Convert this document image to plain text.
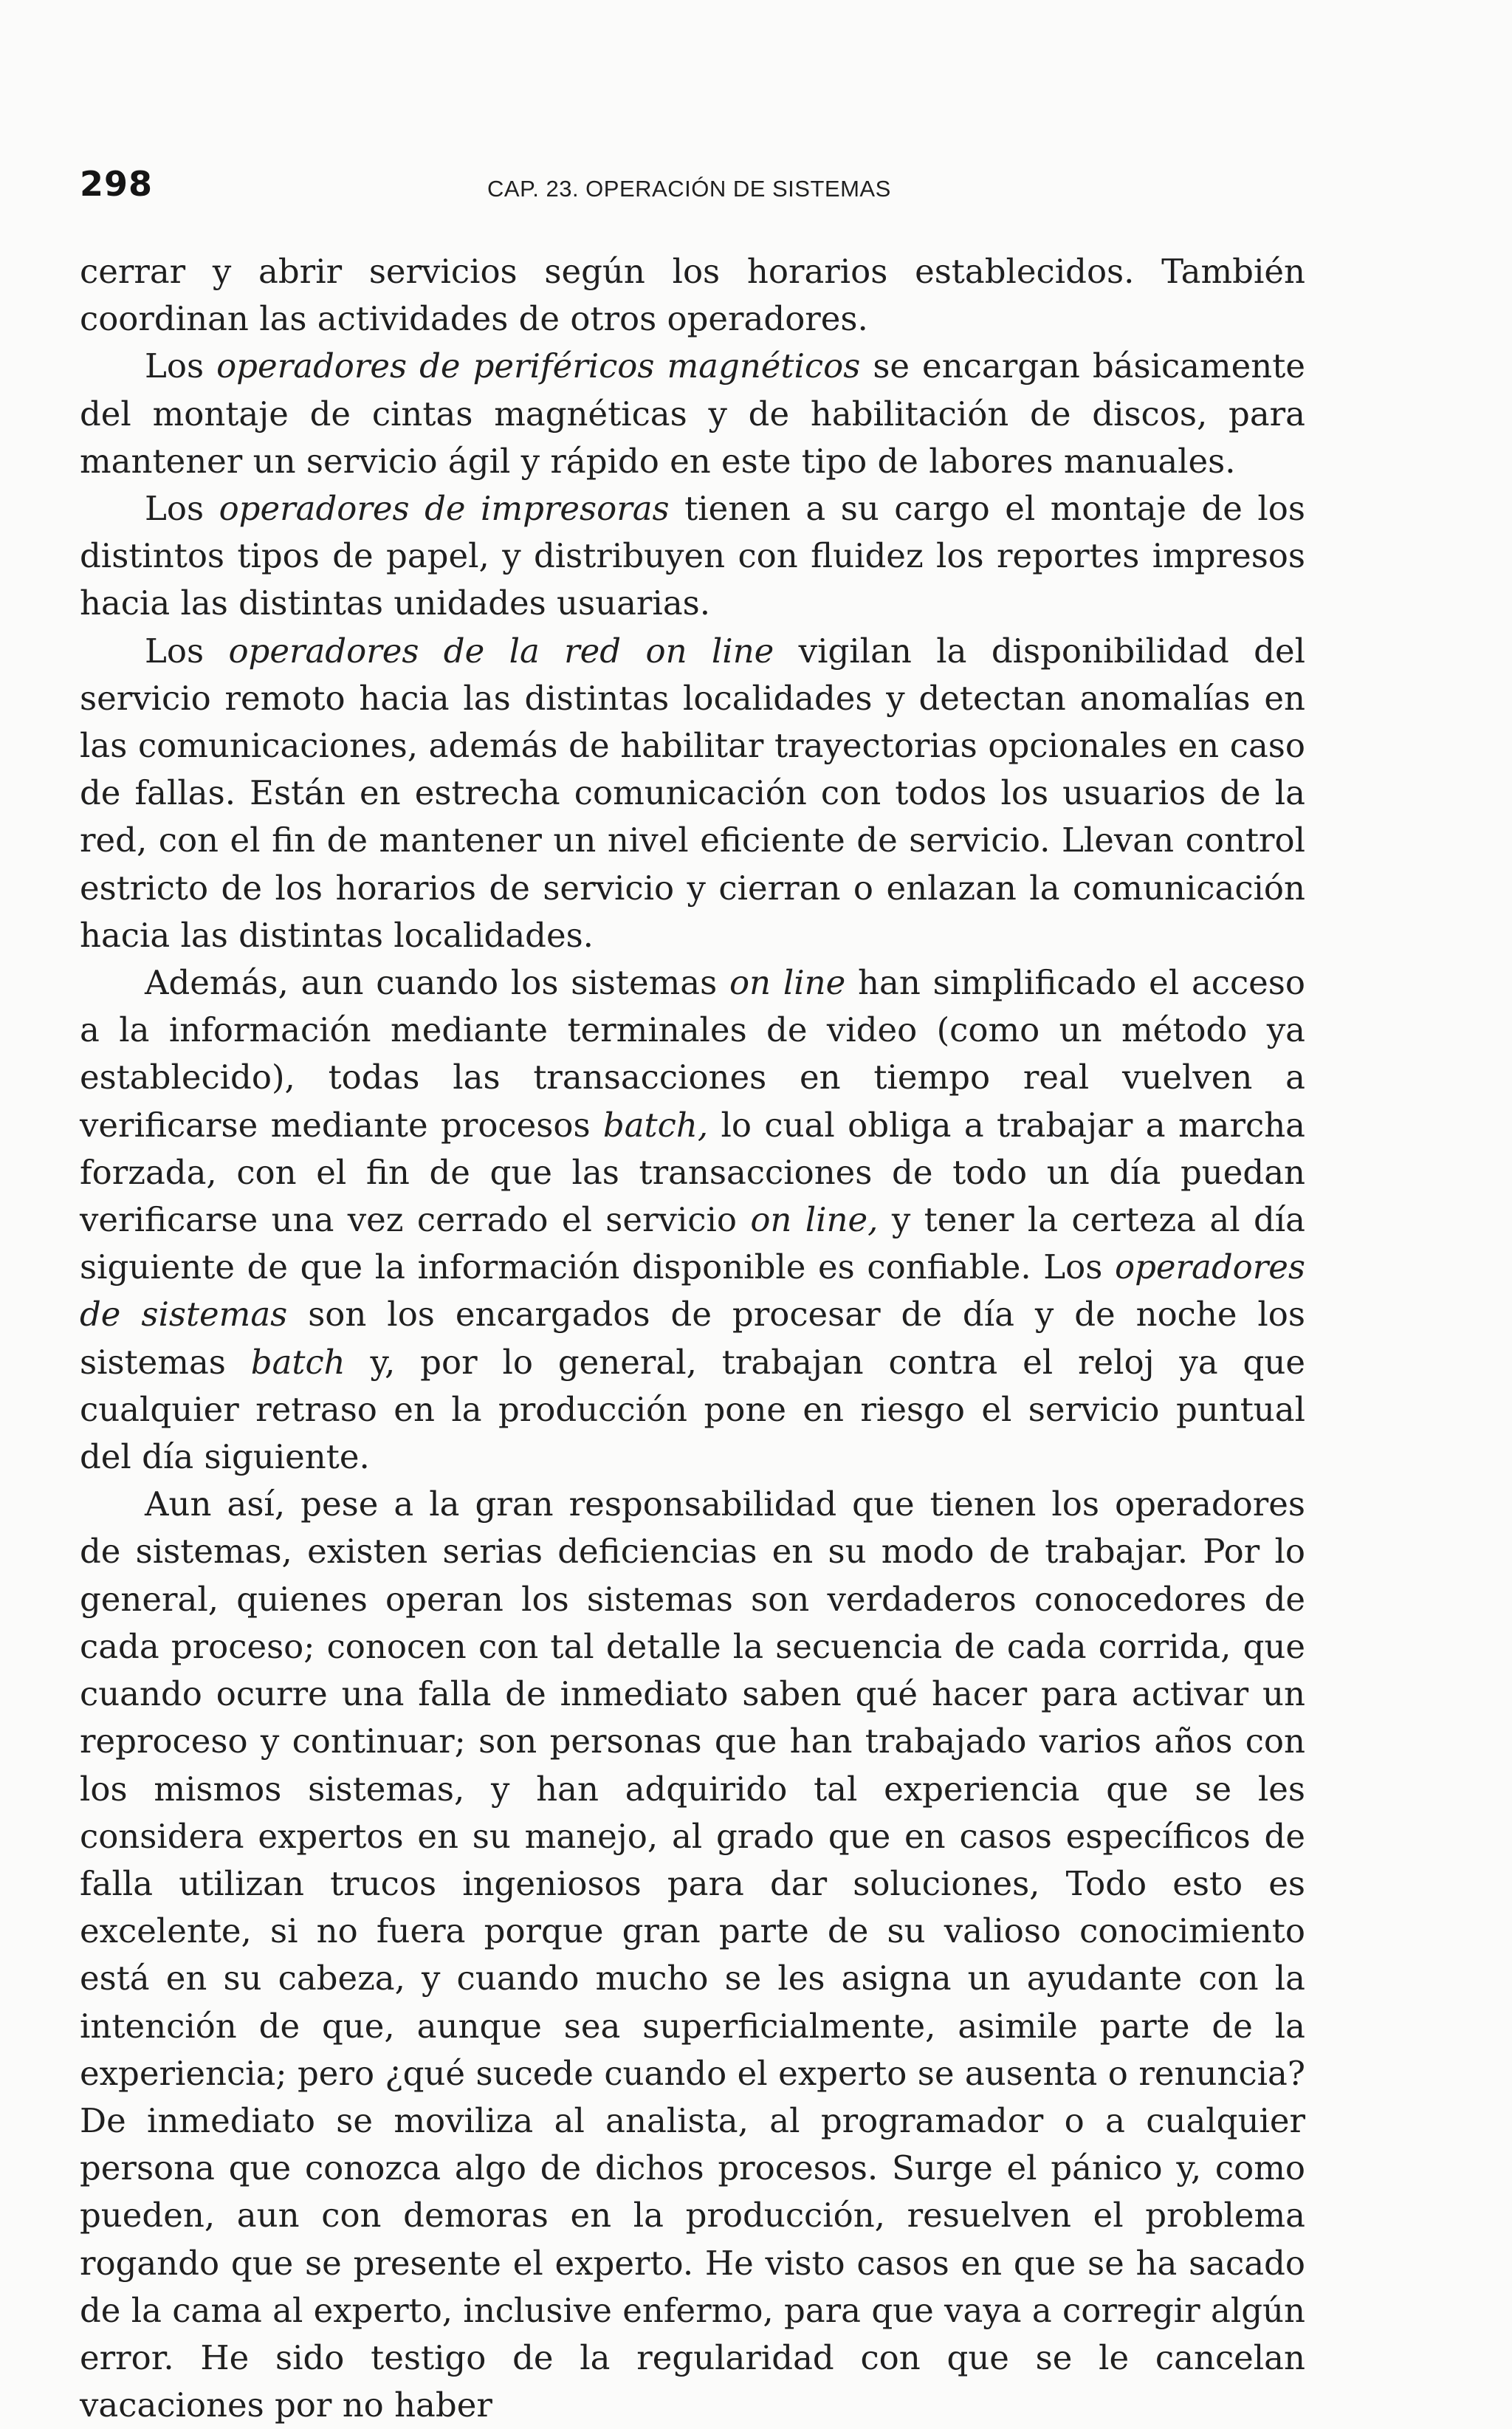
298	CAP. 23. OPERACIÓN DE SISTEMAS

cerrar y abrir servicios según los horarios establecidos. También coordinan las actividades de otros operadores.

Los operadores de periféricos magnéticos se encargan básicamente del montaje de cintas magnéticas y de habilitación de discos, para mantener un servicio ágil y rápido en este tipo de labores manuales.

Los operadores de impresoras tienen a su cargo el montaje de los distintos tipos de papel, y distribuyen con fluidez los reportes impresos hacia las distintas unidades usuarias.

Los operadores de la red on line vigilan la disponibilidad del servicio remoto hacia las distintas localidades y detectan anomalías en las comunicaciones, además de habilitar trayectorias opcionales en caso de fallas. Están en estrecha comunicación con todos los usuarios de la red, con el fin de mantener un nivel eficiente de servicio. Llevan control estricto de los horarios de servicio y cierran o enlazan la comunicación hacia las distintas localidades.

Además, aun cuando los sistemas on line han simplificado el acceso a la información mediante terminales de video (como un método ya establecido), todas las transacciones en tiempo real vuelven a verificarse mediante procesos batch, lo cual obliga a trabajar a marcha forzada, con el fin de que las transacciones de todo un día puedan verificarse una vez cerrado el servicio on line, y tener la certeza al día siguiente de que la información disponible es confiable. Los operadores de sistemas son los encargados de procesar de día y de noche los sistemas batch y, por lo general, trabajan contra el reloj ya que cualquier retraso en la producción pone en riesgo el servicio puntual del día siguiente.

Aun así, pese a la gran responsabilidad que tienen los operadores de sistemas, existen serias deficiencias en su modo de trabajar. Por lo general, quienes operan los sistemas son verdaderos conocedores de cada proceso; conocen con tal detalle la secuencia de cada corrida, que cuando ocurre una falla de inmediato saben qué hacer para activar un reproceso y continuar; son personas que han trabajado varios años con los mismos sistemas, y han adquirido tal experiencia que se les considera expertos en su manejo, al grado que en casos específicos de falla utilizan trucos ingeniosos para dar soluciones, Todo esto es excelente, si no fuera porque gran parte de su valioso conocimiento está en su cabeza, y cuando mucho se les asigna un ayudante con la intención de que, aunque sea superficialmente, asimile parte de la experiencia; pero ¿qué sucede cuando el experto se ausenta o renuncia? De inmediato se moviliza al analista, al programador o a cualquier persona que conozca algo de dichos procesos. Surge el pánico y, como pueden, aun con demoras en la producción, resuelven el problema rogando que se presente el experto. He visto casos en que se ha sacado de la cama al experto, inclusive enfermo, para que vaya a corregir algún error. He sido testigo de la regularidad con que se le cancelan vacaciones por no haber
